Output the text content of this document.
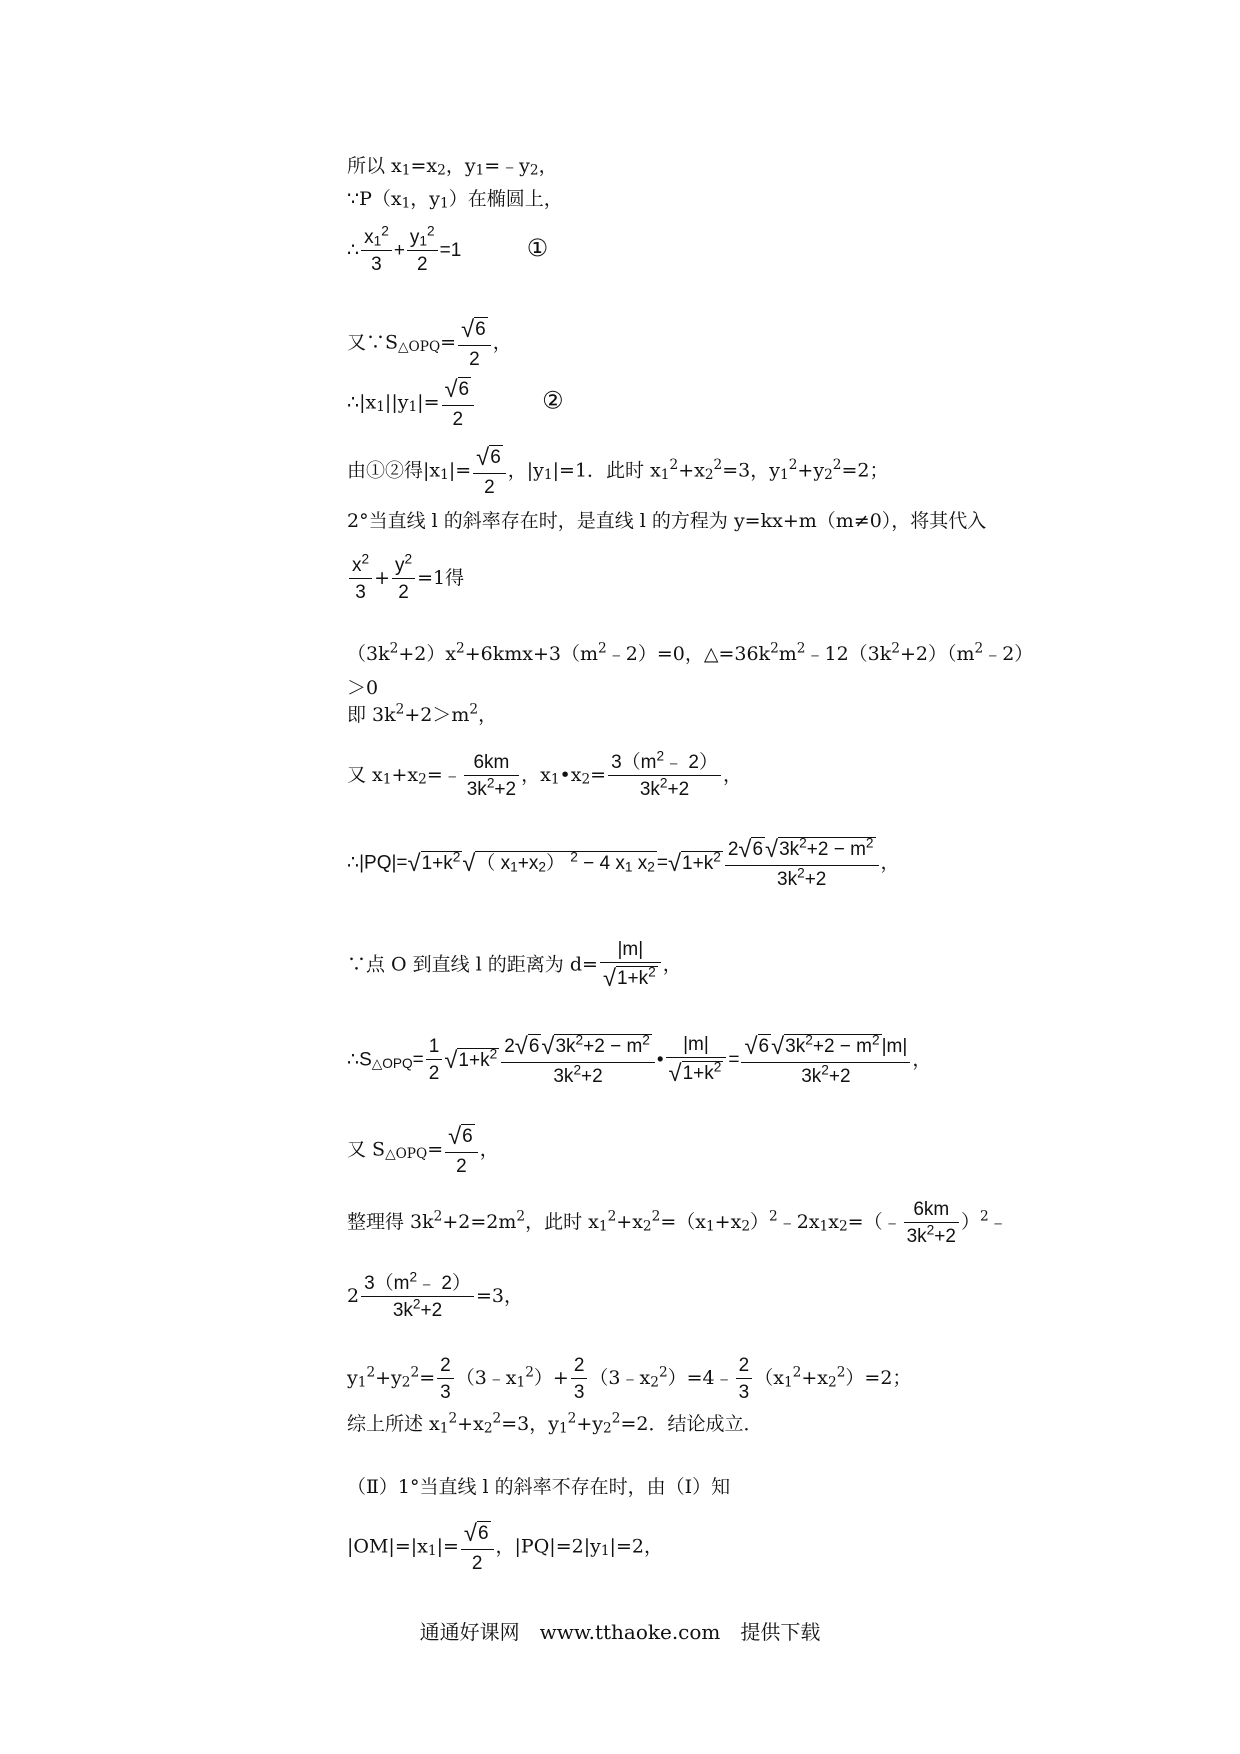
所以 $x_1=x_2$，$y_1=﹣y_2$，
$\because P(x_1$，$y_1$）在椭圆上，
∴ $\frac{x_1^2}{3} + \frac{y_1^2}{2} =1$	①
又$\because S_{\triangle OPQ}= \frac{√6}{2}$ ，
$\therefore|x_1||y_1|= \frac{√6}{2}$	②
由①②得$|x_1|= \frac{√6}{2}$ ，$|y_1|=1$．此时 $x_1^2+x_2^2=3$，$y_1^2+y_2^2=2$；
2°当直线 l 的斜率存在时，是直线 l 的方程为 y=kx+m（m≠0），将其代入
$\frac{x^2}{3} + \frac{y^2}{2} =1$得
$(3k^2+2)x^2+6kmx+3(m^2﹣2)=0$，$\triangle=36k^2m^2﹣12(3k^2+2)(m^2﹣2)>0$
即 $3k^2+2>m^2$，
又 $x_1+x_2=﹣ \frac{6km}{3k^2+2}$ ，$x_1•x_2= \frac{3(m^2﹣ 2)}{3k^2+2}$ ，
$\therefore|PQ|=√1+k^2√$（ $x_1+x_2$） $^2$ − 4 $x_1$ $x_2 =√1+k^2 \frac{2√6√3k^2+2 - m^2}{3k^2+2}$ ，
∵点 O 到直线 l 的距离为 $d= \frac{|m|}{√1+k^2}$ ，
$\therefore S_{\triangle OPQ}= \frac{1}{2} √1+k^2 \frac{2√6√3k^2+2 - m^2}{3k^2+2}$ • $\frac{|m|}{√1+k^2} = \frac{√6√3k^2+2 - m^2 |m|}{3k^2+2}$ ，
又 $S_{\triangle OPQ}= \frac{√6}{2}$ ，
整理得 $3k^2+2=2m^2$，此时 $x_1^2+x_2^2=(x_1+x_2)^2﹣2x_1x_2=(﹣ \frac{6km}{3k^2+2}$ ）$^2$﹣
$2 \frac{3(m^2﹣ 2)}{3k^2+2} =3$，
$y_1^2+y_2^2= \frac{2}{3}$ $(3﹣x_1^2)+ \frac{2}{3}$ $(3﹣x_2^2)=4﹣ \frac{2}{3} (x_1^2+x_2^2)=2$；
综上所述 $x_1^2+x_2^2=3$，$y_1^2+y_2^2=2$．结论成立．
（Ⅱ）1°当直线 l 的斜率不存在时，由（Ⅰ）知
$|OM|=|x_1|= \frac{√6}{2}$ ，$|PQ|=2|y_1|=2$，
通通好课网　www.tthaoke.com　提供下载
